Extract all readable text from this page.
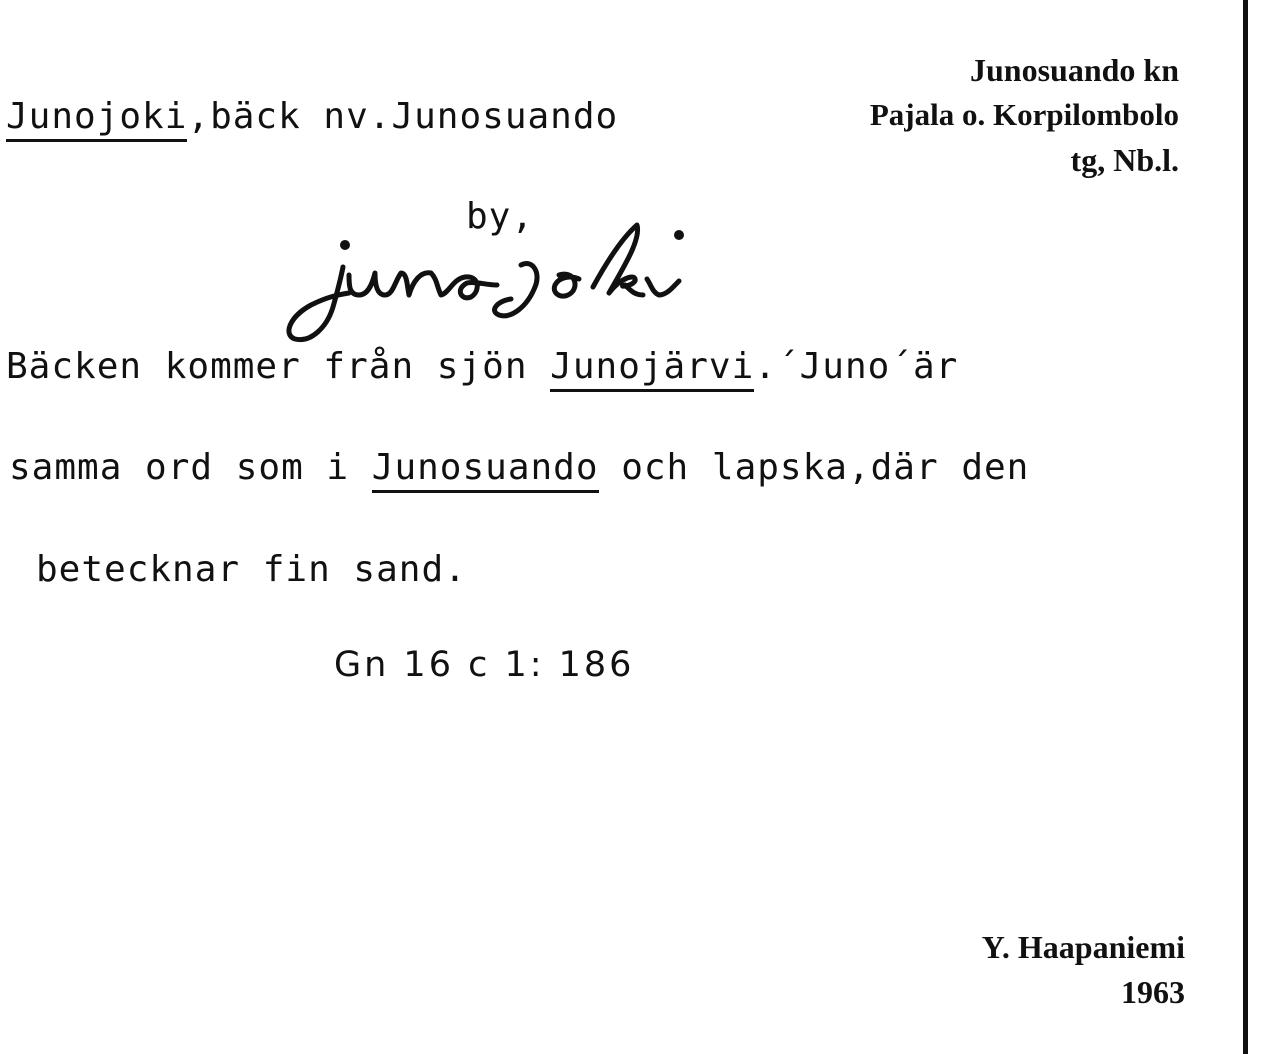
Junosuando kn
Pajala o. Korpilombolo
tg, Nb.l.
Junojoki,bäck nv.Junosuando
by,
Bäcken kommer från sjön Junojärvi.´Juno´är
samma ord som i Junosuando och lapska,där den
betecknar fin sand.
Gn 16 c 1: 186
Y. Haapaniemi
1963
